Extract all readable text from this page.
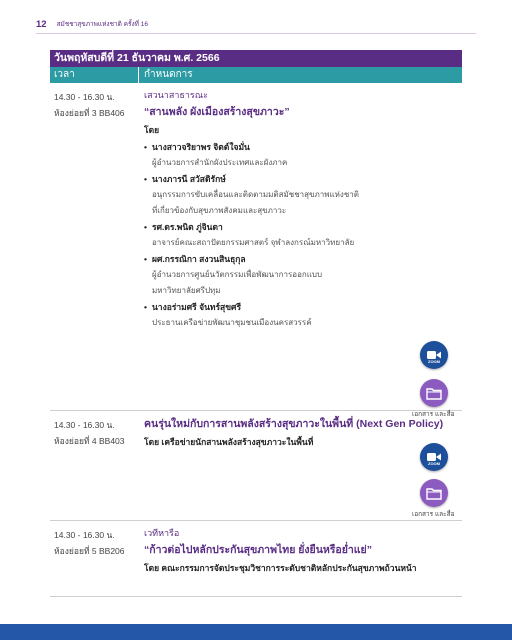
12 สมัชชาสุขภาพแห่งชาติ ครั้งที่ 16
วันพฤหัสบดีที่ 21 ธันวาคม พ.ศ. 2566
เวลา	กำหนดการ
14.30 - 16.30 น.
ห้องย่อยที่ 3 BB406
เสวนาสาธารณะ
“สานพลัง ผังเมืองสร้างสุขภาวะ”
โดย
• นางสาวจริยาพร จิตต์ใจมั่น
ผู้อำนวยการสำนักผังประเทศและผังภาค
• นางภารนี สวัสดิรักษ์
อนุกรรมการขับเคลื่อนและติดตามมติสมัชชาสุขภาพแห่งชาติ
ที่เกี่ยวข้องกับสุขภาพสังคมและสุขภาวะ
• รศ.ดร.พนิต ภู่จินดา
อาจารย์คณะสถาปัตยกรรมศาสตร์ จุฬาลงกรณ์มหาวิทยาลัย
• ผศ.กรรณิกา สงวนสินธุกุล
ผู้อำนวยการศูนย์นวัตกรรมเพื่อพัฒนาการออกแบบ
มหาวิทยาลัยศรีปทุม
• นางอร่ามศรี จันทร์สุขศรี
ประธานเครือข่ายพัฒนาชุมชนเมืองนครสวรรค์
ZOOM
เอกสาร และสื่อ
14.30 - 16.30 น.
ห้องย่อยที่ 4 BB403
คนรุ่นใหม่กับการสานพลังสร้างสุขภาวะในพื้นที่ (Next Gen Policy)
โดย เครือข่ายนักสานพลังสร้างสุขภาวะในพื้นที่
ZOOM
เอกสาร และสื่อ
14.30 - 16.30 น.
ห้องย่อยที่ 5 BB206
เวทีหารือ
“ก้าวต่อไปหลักประกันสุขภาพไทย ยั่งยืนหรือย่ำแย่”
โดย คณะกรรมการจัดประชุมวิชาการระดับชาติหลักประกันสุขภาพถ้วนหน้า
